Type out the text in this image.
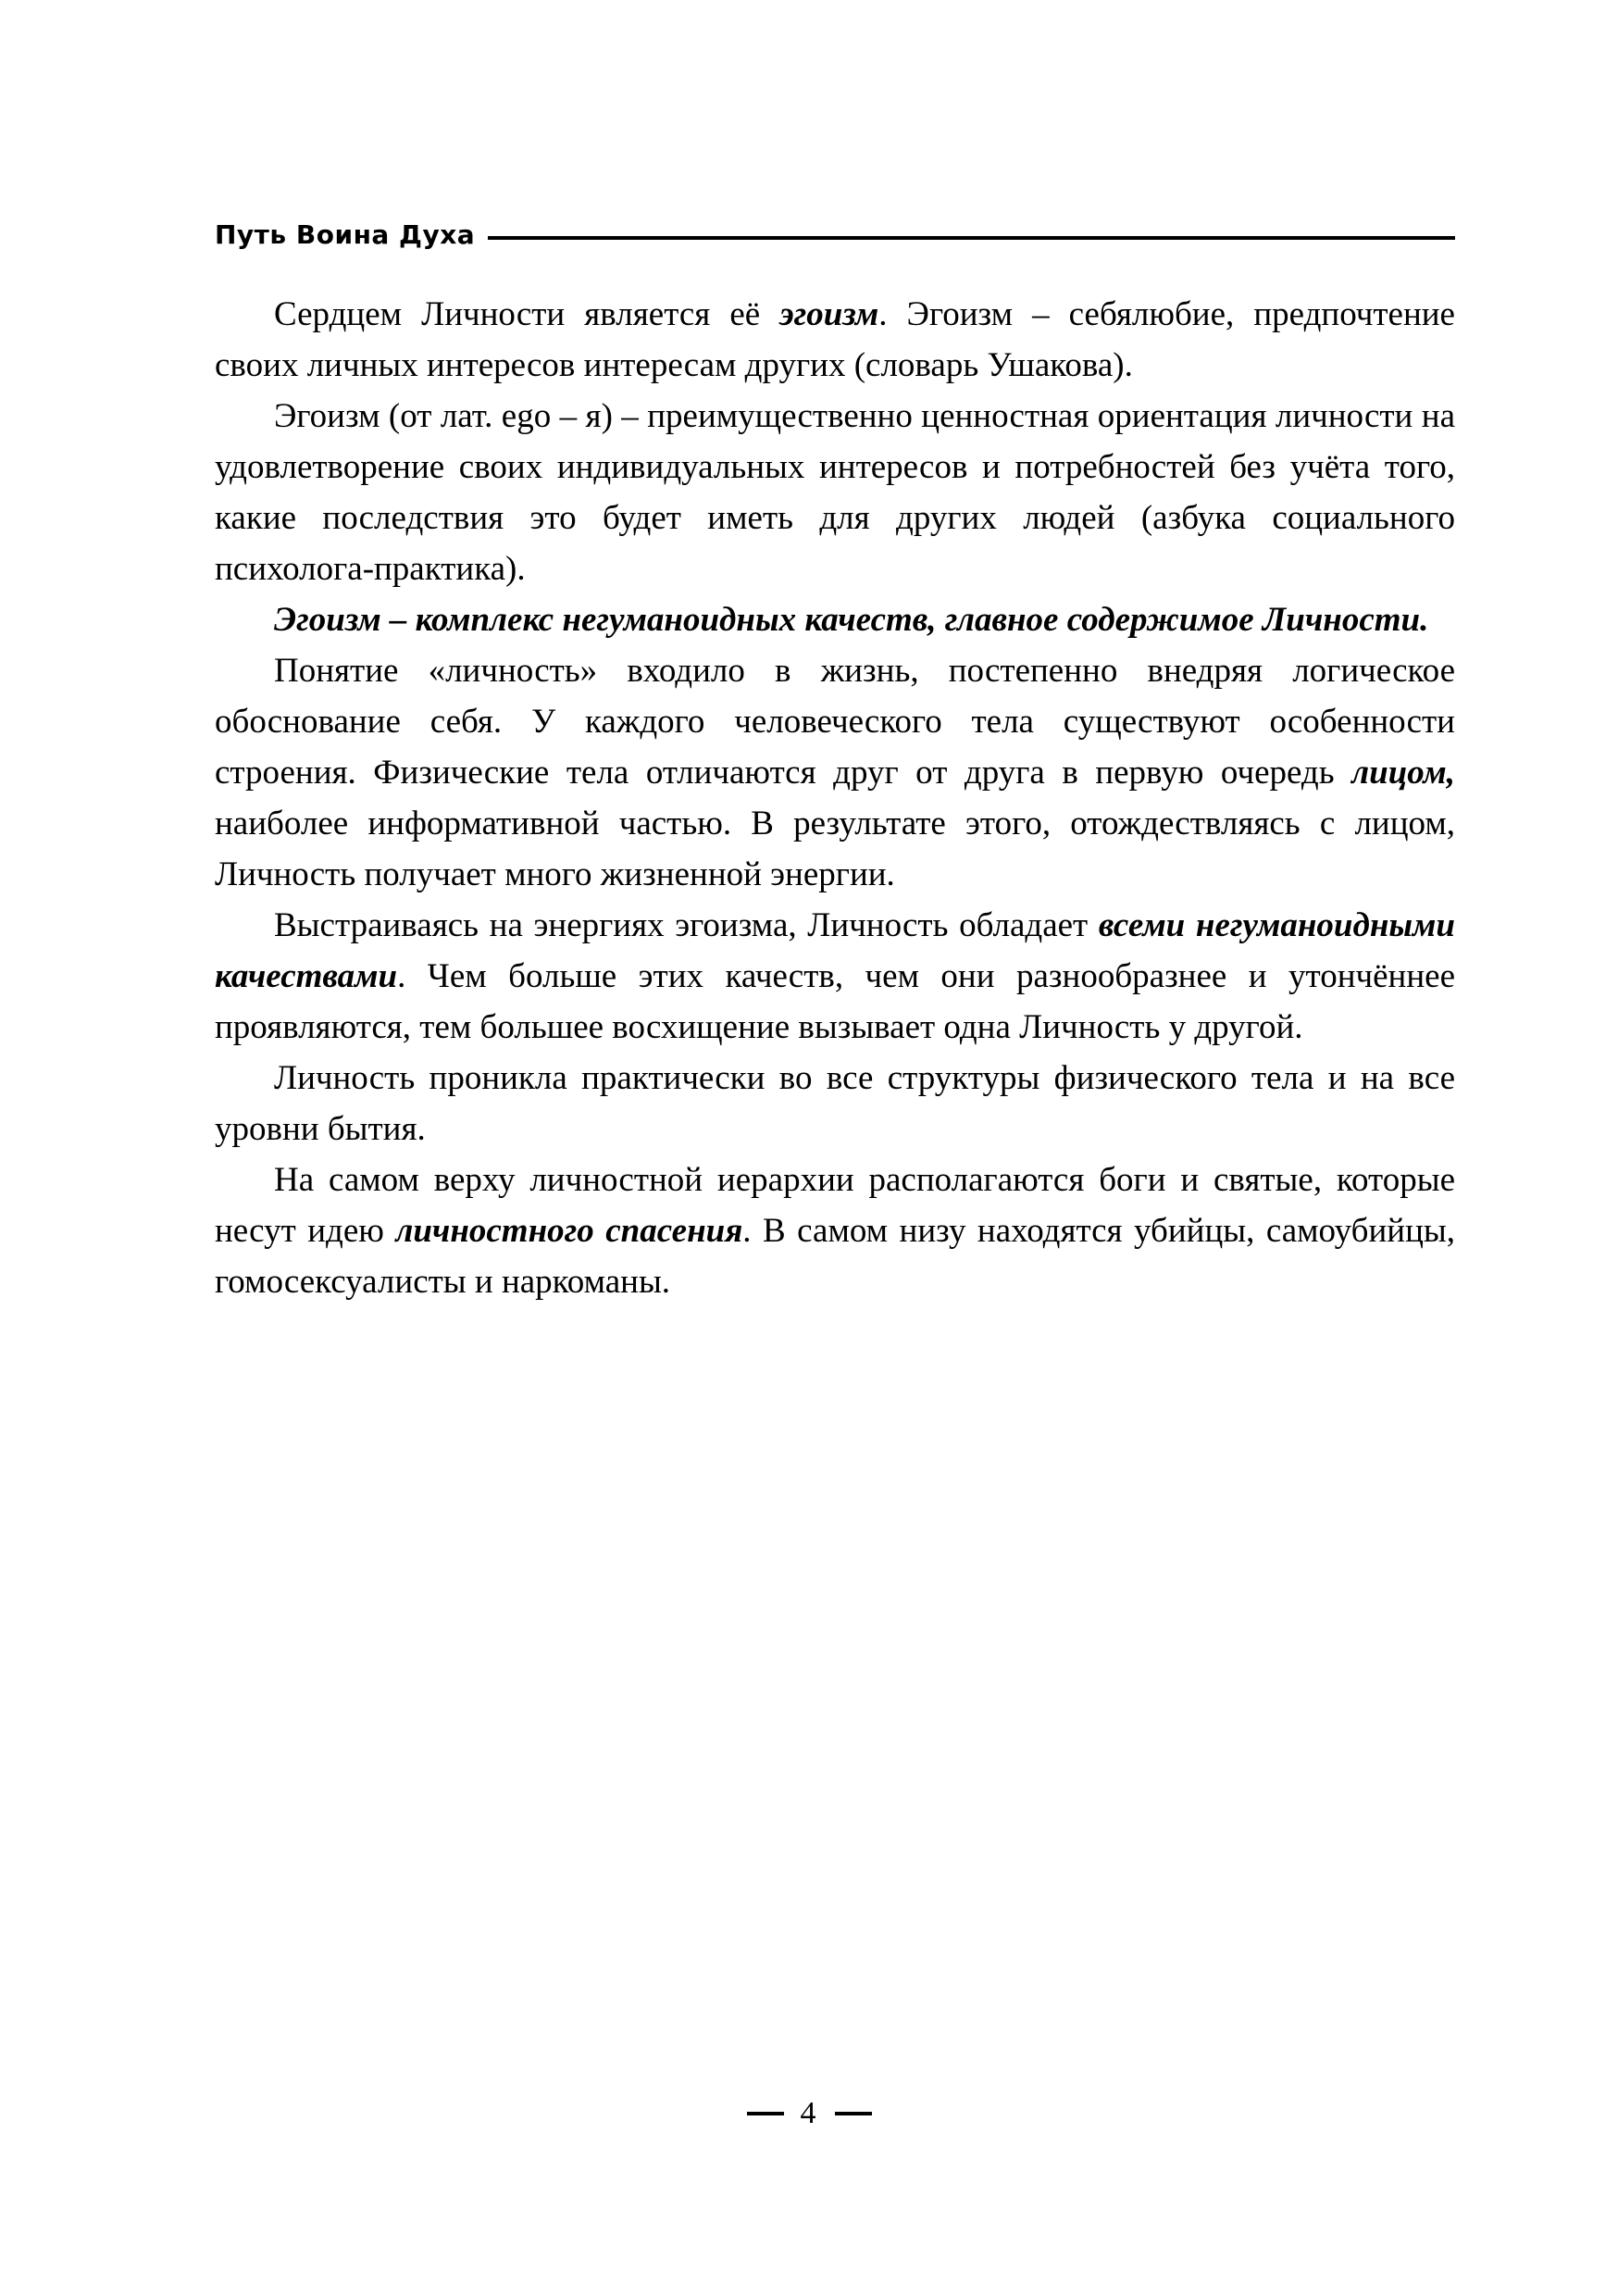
Путь Воина Духа

Сердцем Личности является её эгоизм. Эгоизм – себялюбие, предпочтение своих личных интересов интересам других (словарь Ушакова).

Эгоизм (от лат. ego – я) – преимущественно ценностная ориентация личности на удовлетворение своих индивидуальных интересов и потребностей без учёта того, какие последствия это будет иметь для других людей (азбука социального психолога-практика).

Эгоизм – комплекс негуманоидных качеств, главное содержимое Личности.

Понятие «личность» входило в жизнь, постепенно внедряя логическое обоснование себя. У каждого человеческого тела существуют особенности строения. Физические тела отличаются друг от друга в первую очередь лицом, наиболее информативной частью. В результате этого, отождествляясь с лицом, Личность получает много жизненной энергии.

Выстраиваясь на энергиях эгоизма, Личность обладает всеми негуманоидными качествами. Чем больше этих качеств, чем они разнообразнее и утончённее проявляются, тем большее восхищение вызывает одна Личность у другой.

Личность проникла практически во все структуры физического тела и на все уровни бытия.

На самом верху личностной иерархии располагаются боги и святые, которые несут идею личностного спасения. В самом низу находятся убийцы, самоубийцы, гомосексуалисты и наркоманы.

4
